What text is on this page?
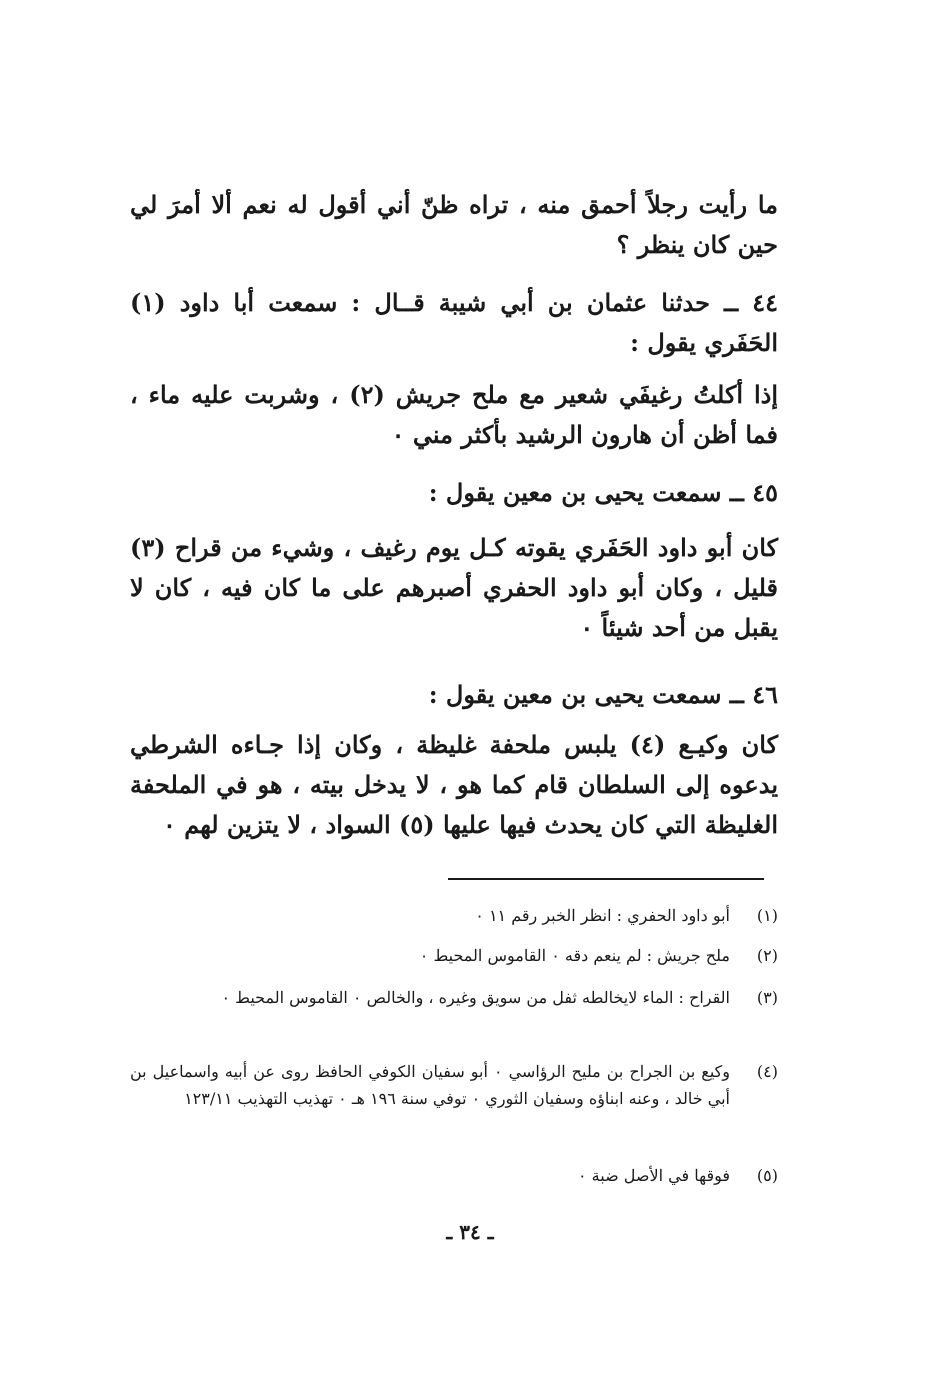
ما رأيت رجلاً أحمق منه ، تراه ظنّ أني أقول له نعم ألا أمرَ لي حين كان ينظر ؟

٤٤ ــ حدثنا عثمان بن أبي شيبة قــال : سمعت أبا داود (١) الحَفَري يقول :

إذا أكلتُ رغيفَي شعير مع ملح جريش (٢) ، وشربت عليه ماء ، فما أظن أن هارون الرشيد بأكثر مني ٠

٤٥ ــ سمعت يحيى بن معين يقول :

كان أبو داود الحَفَري يقوته كـل يوم رغيف ، وشيء من قراح (٣) قليل ، وكان أبو داود الحفري أصبرهم على ما كان فيه ، كان لا يقبل من أحد شيئاً ٠

٤٦ ــ سمعت يحيى بن معين يقول :

كان وكيـع (٤) يلبس ملحفة غليظة ، وكان إذا جـاءه الشرطي يدعوه إلى السلطان قام كما هو ، لا يدخل بيته ، هو في الملحفة الغليظة التي كان يحدث فيها عليها (٥) السواد ، لا يتزين لهم ٠

(١)
أبو داود الحفري : انظر الخبر رقم ١١ ٠
(٢)
ملح جريش : لم ينعم دقه ٠ القاموس المحيط ٠
(٣)
القراح : الماء لايخالطه ثفل من سويق وغيره ، والخالص ٠ القاموس المحيط ٠
(٤)
وكيع بن الجراح بن مليح الرؤاسي ٠ أبو سفيان الكوفي الحافظ روى عن أبيه واسماعيل بن أبي خالد ، وعنه ابناؤه وسفيان الثوري ٠ توفي سنة ١٩٦ هـ ٠ تهذيب التهذيب ١٢٣/١١
(٥)
فوقها في الأصل ضبة ٠
ـ ٣٤ ـ
